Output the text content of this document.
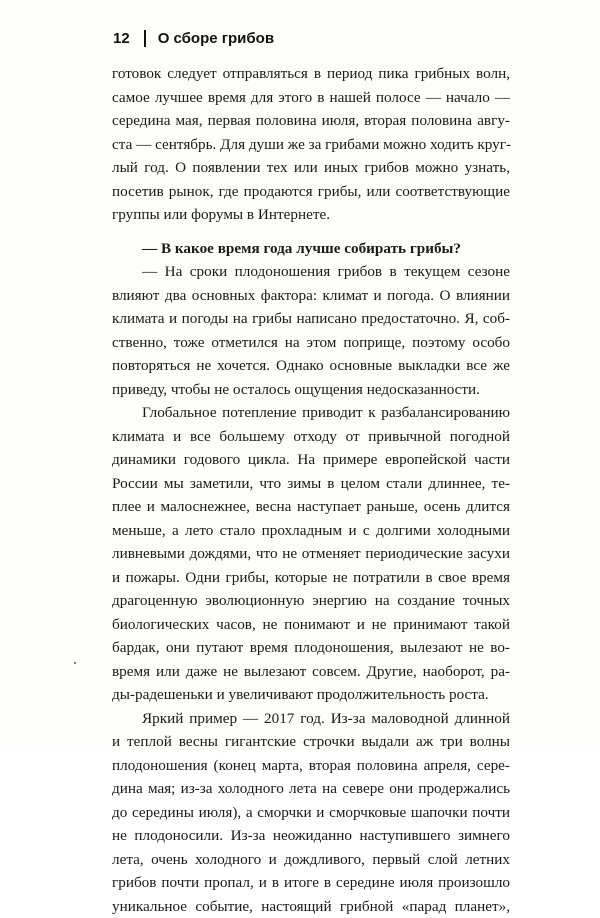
12 О сборе грибов
готовок следует отправляться в период пика грибных волн,
самое лучшее время для этого в нашей полосе — начало —
середина мая, первая половина июля, вторая половина авгу-
ста — сентябрь. Для души же за грибами можно ходить круг-
лый год. О появлении тех или иных грибов можно узнать,
посетив рынок, где продаются грибы, или соответствующие
группы или форумы в Интернете.
— В какое время года лучше собирать грибы?
— На сроки плодоношения грибов в текущем сезоне
влияют два основных фактора: климат и погода. О влиянии
климата и погоды на грибы написано предостаточно. Я, соб-
ственно, тоже отметился на этом поприще, поэтому особо
повторяться не хочется. Однако основные выкладки все же
приведу, чтобы не осталось ощущения недосказанности.
Глобальное потепление приводит к разбалансированию
климата и все большему отходу от привычной погодной
динамики годового цикла. На примере европейской части
России мы заметили, что зимы в целом стали длиннее, те-
плее и малоснежнее, весна наступает раньше, осень длится
меньше, а лето стало прохладным и с долгими холодными
ливневыми дождями, что не отменяет периодические засухи
и пожары. Одни грибы, которые не потратили в свое время
драгоценную эволюционную энергию на создание точных
биологических часов, не понимают и не принимают такой
бардак, они путают время плодоношения, вылезают не во-
время или даже не вылезают совсем. Другие, наоборот, ра-
ды-радешеньки и увеличивают продолжительность роста.
Яркий пример — 2017 год. Из-за маловодной длинной
и теплой весны гигантские строчки выдали аж три волны
плодоношения (конец марта, вторая половина апреля, сере-
дина мая; из-за холодного лета на севере они продержались
до середины июля), а сморчки и сморчковые шапочки почти
не плодоносили. Из-за неожиданно наступившего зимнего
лета, очень холодного и дождливого, первый слой летних
грибов почти пропал, и в итоге в середине июля произошло
уникальное событие, настоящий грибной «парад планет»,
